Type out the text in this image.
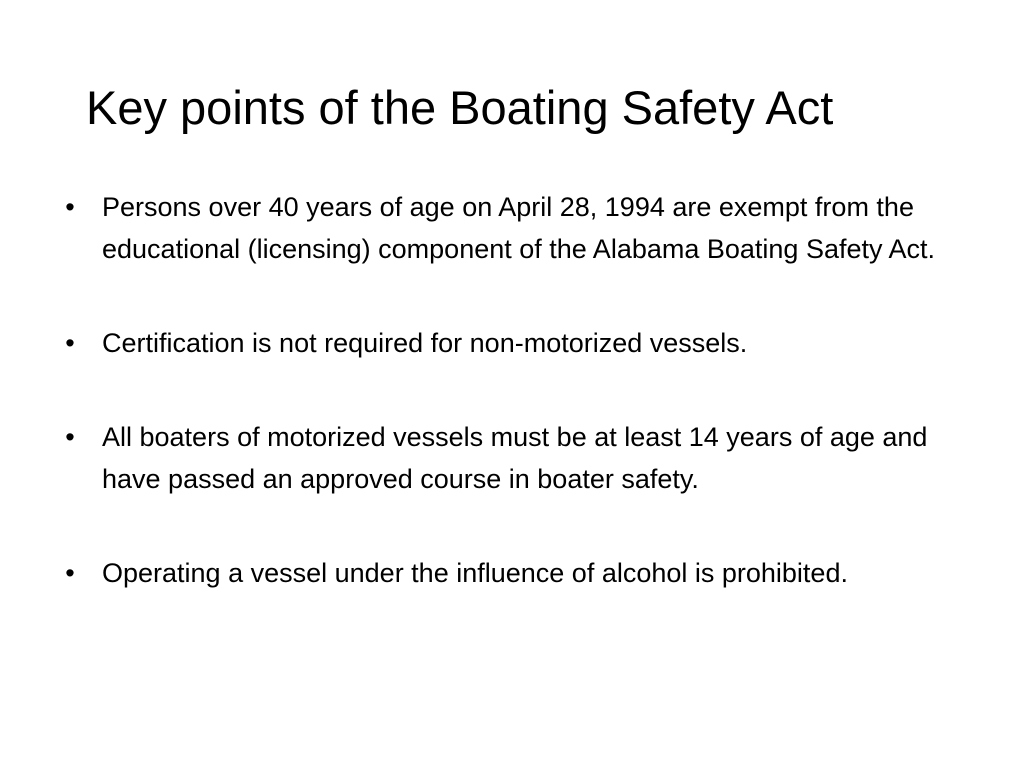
Key points of the Boating Safety Act
• Persons over 40 years of age on April 28, 1994 are exempt from the educational (licensing) component of the Alabama Boating Safety Act.
• Certification is not required for non-motorized vessels.
• All boaters of motorized vessels must be at least 14 years of age and have passed an approved course in boater safety.
• Operating a vessel under the influence of alcohol is prohibited.
